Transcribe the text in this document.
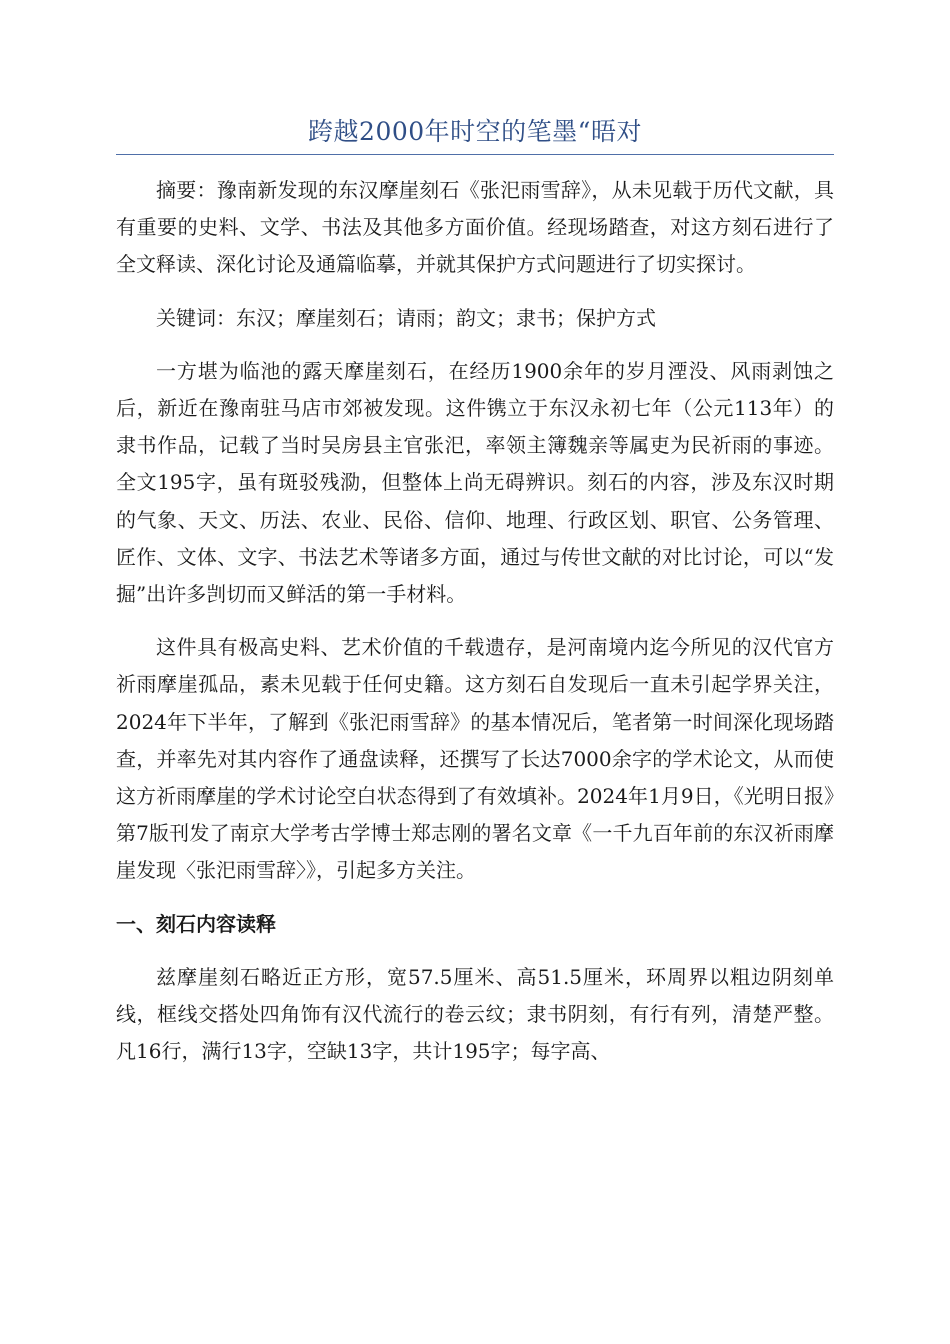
跨越2000年时空的笔墨“晤对

摘要：豫南新发现的东汉摩崖刻石《张汜雨雪辞》，从未见载于历代文献，具有重要的史料、文学、书法及其他多方面价值。经现场踏查，对这方刻石进行了全文释读、深化讨论及通篇临摹，并就其保护方式问题进行了切实探讨。

关键词：东汉；摩崖刻石；请雨；韵文；隶书；保护方式

一方堪为临池的露天摩崖刻石，在经历1900余年的岁月湮没、风雨剥蚀之后，新近在豫南驻马店市郊被发现。这件镌立于东汉永初七年（公元113年）的隶书作品，记载了当时吴房县主官张汜，率领主簿魏亲等属吏为民祈雨的事迹。全文195字，虽有斑驳残泐，但整体上尚无碍辨识。刻石的内容，涉及东汉时期的气象、天文、历法、农业、民俗、信仰、地理、行政区划、职官、公务管理、匠作、文体、文字、书法艺术等诸多方面，通过与传世文献的对比讨论，可以“发掘”出许多剀切而又鲜活的第一手材料。

这件具有极高史料、艺术价值的千载遗存，是河南境内迄今所见的汉代官方祈雨摩崖孤品，素未见载于任何史籍。这方刻石自发现后一直未引起学界关注，2024年下半年，了解到《张汜雨雪辞》的基本情况后，笔者第一时间深化现场踏查，并率先对其内容作了通盘读释，还撰写了长达7000余字的学术论文，从而使这方祈雨摩崖的学术讨论空白状态得到了有效填补。2024年1月9日，《光明日报》第7版刊发了南京大学考古学博士郑志刚的署名文章《一千九百年前的东汉祈雨摩崖发现〈张汜雨雪辞〉》，引起多方关注。

一、刻石内容读释

兹摩崖刻石略近正方形，宽57.5厘米、高51.5厘米，环周界以粗边阴刻单线，框线交搭处四角饰有汉代流行的卷云纹；隶书阴刻，有行有列，清楚严整。凡16行，满行13字，空缺13字，共计195字；每字高、
